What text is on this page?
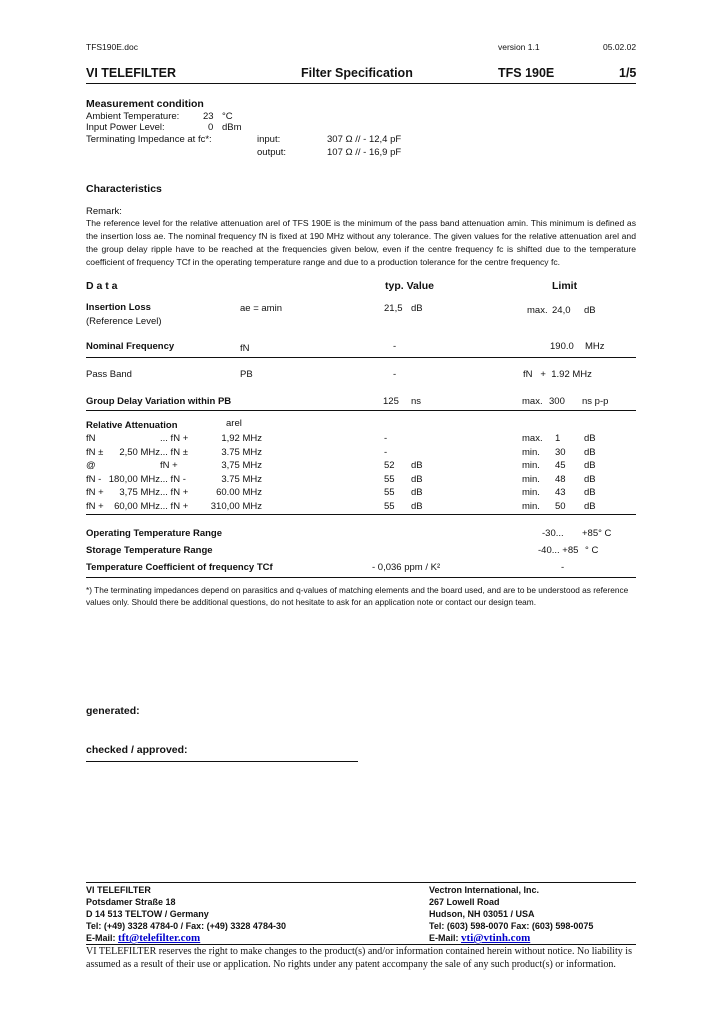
TFS190E.doc	version 1.1	05.02.02
VI TELEFILTER	Filter Specification	TFS 190E	1/5
Measurement condition
Ambient Temperature: 23 °C
Input Power Level:	0 dBm
Terminating Impedance at fc*:	input:	307 Ω // - 12,4 pF
output:	107 Ω // - 16,9 pF
Characteristics
Remark:
The reference level for the relative attenuation arel of TFS 190E is the minimum of the pass band attenuation amin. This minimum is defined as the insertion loss ae. The nominal frequency fN is fixed at 190 MHz without any tolerance. The given values for the relative attenuation arel and the group delay ripple have to be reached at the frequencies given below, even if the centre frequency fc is shifted due to the temperature coefficient of frequency TCf in the operating temperature range and due to a production tolerance for the centre frequency fc.
D a t a	typ. Value	Limit
Insertion Loss
(Reference Level)
ae = amin	21,5 dB	max. 24,0 dB
Nominal Frequency	fN	-	190.0 MHz
Pass Band	PB	-	fN   +  1.92 MHz
Group Delay Variation within PB	125 ns	max. 300 ns p-p
Relative Attenuation	arel
fN	... fN +	1,92 MHz	-	max. 1 dB
fN ±	2,50 MHz ... fN ±	3.75 MHz	-	min. 30 dB
@	fN +	3,75 MHz	52 dB	min. 45 dB
fN - 180,00 MHz ... fN -	3.75 MHz	55 dB	min. 48 dB
fN +	3,75 MHz ... fN +	60.00 MHz	55 dB	min. 43 dB
fN +	60,00 MHz ... fN + 310,00 MHz	55 dB	min. 50 dB
Operating Temperature Range	-30... +85° C
Storage Temperature Range	-40... +85 ° C
Temperature Coefficient of frequency TCf	- 0,036 ppm / K²	-
*) The terminating impedances depend on parasitics and q-values of matching elements and the board used, and are to be understood as reference values only. Should there be additional questions, do not hesitate to ask for an application note or contact our design team.
generated:
checked / approved:
VI TELEFILTER
Potsdamer Straße 18
D 14 513 TELTOW / Germany
Tel: (+49) 3328 4784-0 / Fax: (+49) 3328 4784-30
E-Mail: tft@telefilter.com
Vectron International, Inc.
267 Lowell Road
Hudson, NH 03051 / USA
Tel: (603) 598-0070 Fax: (603) 598-0075
E-Mail: vti@vtinh.com
VI TELEFILTER reserves the right to make changes to the product(s) and/or information contained herein without notice. No liability is assumed as a result of their use or application. No rights under any patent accompany the sale of any such product(s) or information.
